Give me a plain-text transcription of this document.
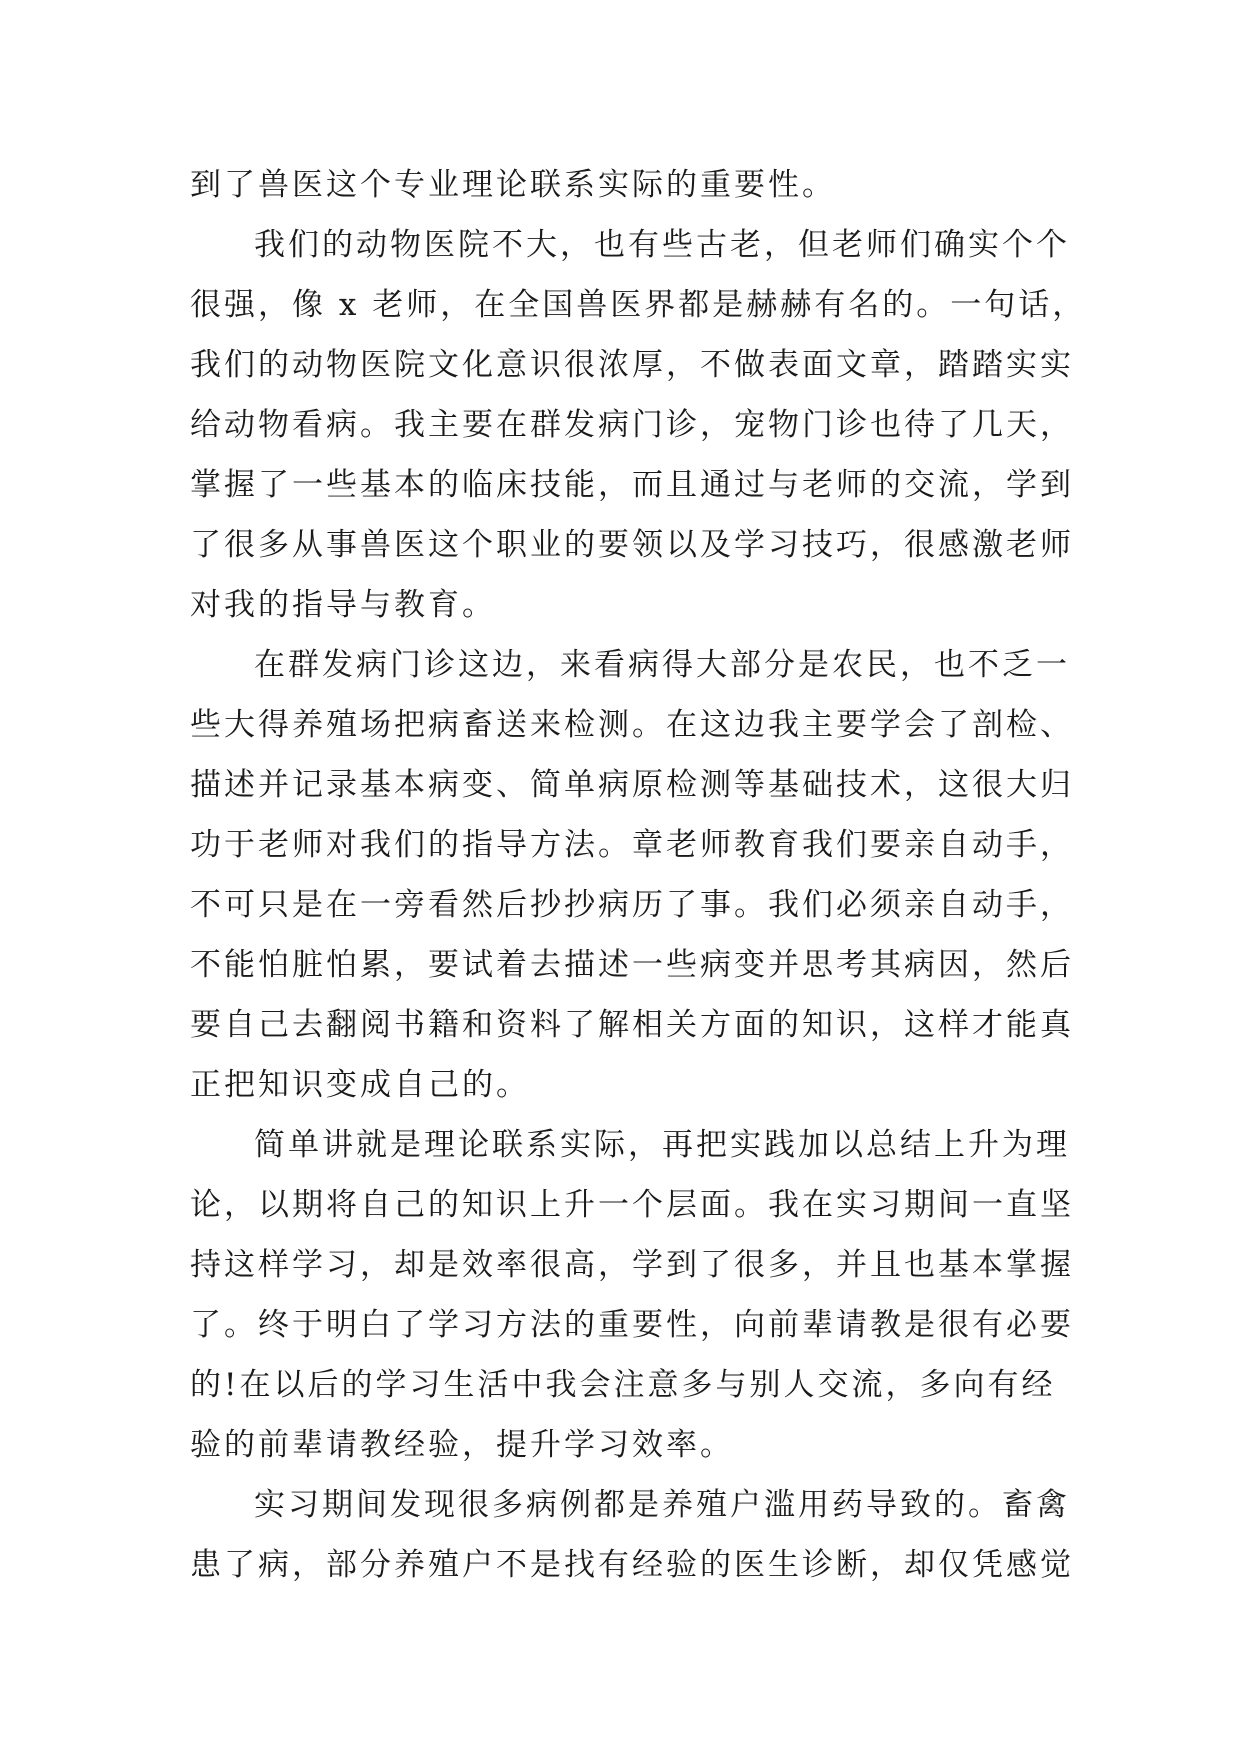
到了兽医这个专业理论联系实际的重要性。
我们的动物医院不大，也有些古老，但老师们确实个个
很强，像 x 老师，在全国兽医界都是赫赫有名的。一句话，
我们的动物医院文化意识很浓厚，不做表面文章，踏踏实实
给动物看病。我主要在群发病门诊，宠物门诊也待了几天，
掌握了一些基本的临床技能，而且通过与老师的交流，学到
了很多从事兽医这个职业的要领以及学习技巧，很感激老师
对我的指导与教育。
在群发病门诊这边，来看病得大部分是农民，也不乏一
些大得养殖场把病畜送来检测。在这边我主要学会了剖检、
描述并记录基本病变、简单病原检测等基础技术，这很大归
功于老师对我们的指导方法。章老师教育我们要亲自动手，
不可只是在一旁看然后抄抄病历了事。我们必须亲自动手，
不能怕脏怕累，要试着去描述一些病变并思考其病因，然后
要自己去翻阅书籍和资料了解相关方面的知识，这样才能真
正把知识变成自己的。
简单讲就是理论联系实际，再把实践加以总结上升为理
论，以期将自己的知识上升一个层面。我在实习期间一直坚
持这样学习，却是效率很高，学到了很多，并且也基本掌握
了。终于明白了学习方法的重要性，向前辈请教是很有必要
的!在以后的学习生活中我会注意多与别人交流，多向有经
验的前辈请教经验，提升学习效率。
实习期间发现很多病例都是养殖户滥用药导致的。畜禽
患了病，部分养殖户不是找有经验的医生诊断，却仅凭感觉
